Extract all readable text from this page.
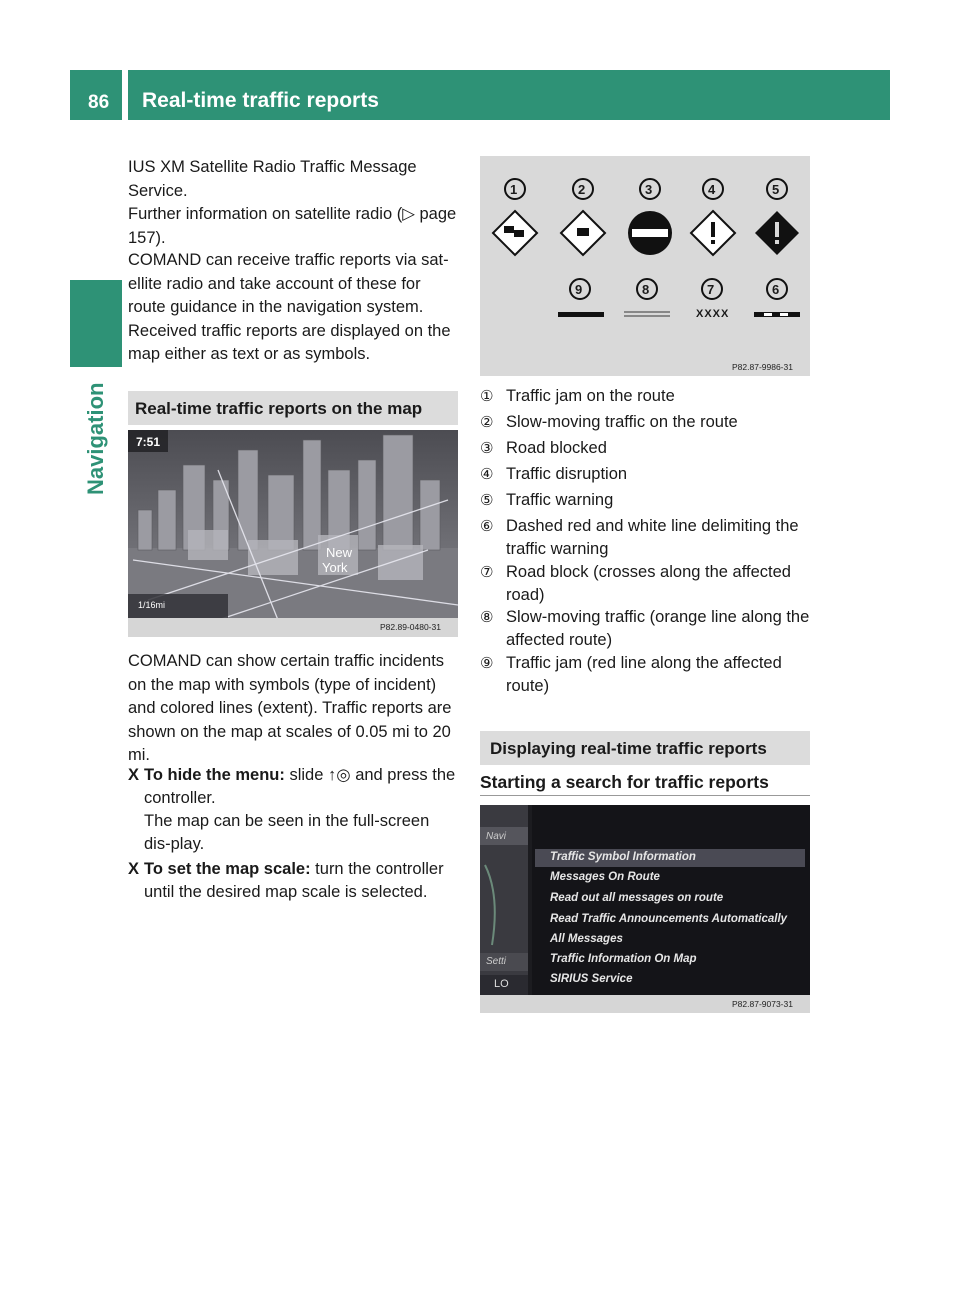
86 Real-time traffic reports
Navigation
IUS XM Satellite Radio Traffic Message Service.
Further information on satellite radio (▷ page 157).
COMAND can receive traffic reports via sat-ellite radio and take account of these for route guidance in the navigation system. Received traffic reports are displayed on the map either as text or as symbols.
Real-time traffic reports on the map
7:51
New
York
1/16mi
P82.89-0480-31
COMAND can show certain traffic incidents on the map with symbols (type of incident) and colored lines (extent). Traffic reports are shown on the map at scales of 0.05 mi to 20 mi.
X To hide the menu: slide ↑◎ and press the controller.
The map can be seen in the full-screen dis-play.
X To set the map scale: turn the controller until the desired map scale is selected.
1	2	3	4	5
9	8	7	6
XXXX
P82.87-9986-31
① Traffic jam on the route
② Slow-moving traffic on the route
③ Road blocked
④ Traffic disruption
⑤ Traffic warning
⑥ Dashed red and white line delimiting the traffic warning
⑦ Road block (crosses along the affected road)
⑧ Slow-moving traffic (orange line along the affected route)
⑨ Traffic jam (red line along the affected route)
Displaying real-time traffic reports
Starting a search for traffic reports
Navi
Setti
LO
P82.87-9073-31
Traffic Symbol Information
Messages On Route
Read out all messages on route
Read Traffic Announcements Automatically
All Messages
Traffic Information On Map
SIRIUS Service
